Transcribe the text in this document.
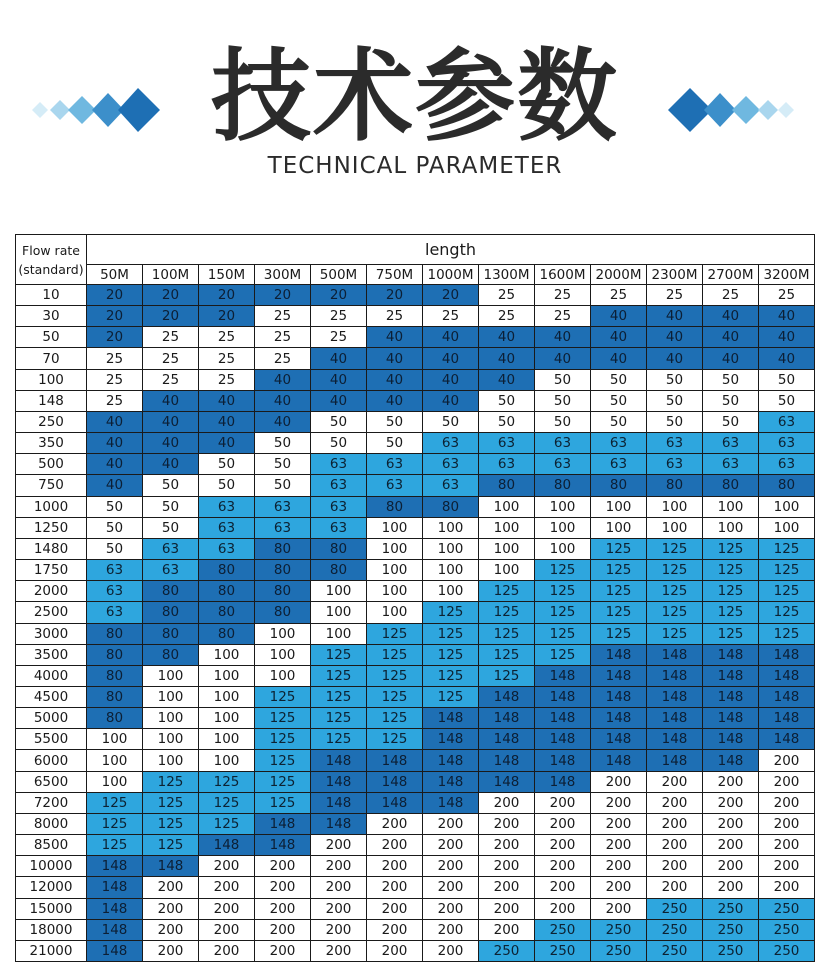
技术参数
TECHNICAL PARAMETER
Flow rate
(standard)	length												
	50M	100M	150M	300M	500M	750M	1000M	1300M	1600M	2000M	2300M	2700M	3200M
10	20	20	20	20	20	20	20	25	25	25	25	25	25
30	20	20	20	25	25	25	25	25	25	40	40	40	40
50	20	25	25	25	25	40	40	40	40	40	40	40	40
70	25	25	25	25	40	40	40	40	40	40	40	40	40
100	25	25	25	40	40	40	40	40	50	50	50	50	50
148	25	40	40	40	40	40	40	50	50	50	50	50	50
250	40	40	40	40	50	50	50	50	50	50	50	50	63
350	40	40	40	50	50	50	63	63	63	63	63	63	63
500	40	40	50	50	63	63	63	63	63	63	63	63	63
750	40	50	50	50	63	63	63	80	80	80	80	80	80
1000	50	50	63	63	63	80	80	100	100	100	100	100	100
1250	50	50	63	63	63	100	100	100	100	100	100	100	100
1480	50	63	63	80	80	100	100	100	100	125	125	125	125
1750	63	63	80	80	80	100	100	100	125	125	125	125	125
2000	63	80	80	80	100	100	100	125	125	125	125	125	125
2500	63	80	80	80	100	100	125	125	125	125	125	125	125
3000	80	80	80	100	100	125	125	125	125	125	125	125	125
3500	80	80	100	100	125	125	125	125	125	148	148	148	148
4000	80	100	100	100	125	125	125	125	148	148	148	148	148
4500	80	100	100	125	125	125	125	148	148	148	148	148	148
5000	80	100	100	125	125	125	148	148	148	148	148	148	148
5500	100	100	100	125	125	125	148	148	148	148	148	148	148
6000	100	100	100	125	148	148	148	148	148	148	148	148	200
6500	100	125	125	125	148	148	148	148	148	200	200	200	200
7200	125	125	125	125	148	148	148	200	200	200	200	200	200
8000	125	125	125	148	148	200	200	200	200	200	200	200	200
8500	125	125	148	148	200	200	200	200	200	200	200	200	200
10000	148	148	200	200	200	200	200	200	200	200	200	200	200
12000	148	200	200	200	200	200	200	200	200	200	200	200	200
15000	148	200	200	200	200	200	200	200	200	200	250	250	250
18000	148	200	200	200	200	200	200	200	250	250	250	250	250
21000	148	200	200	200	200	200	200	250	250	250	250	250	250
